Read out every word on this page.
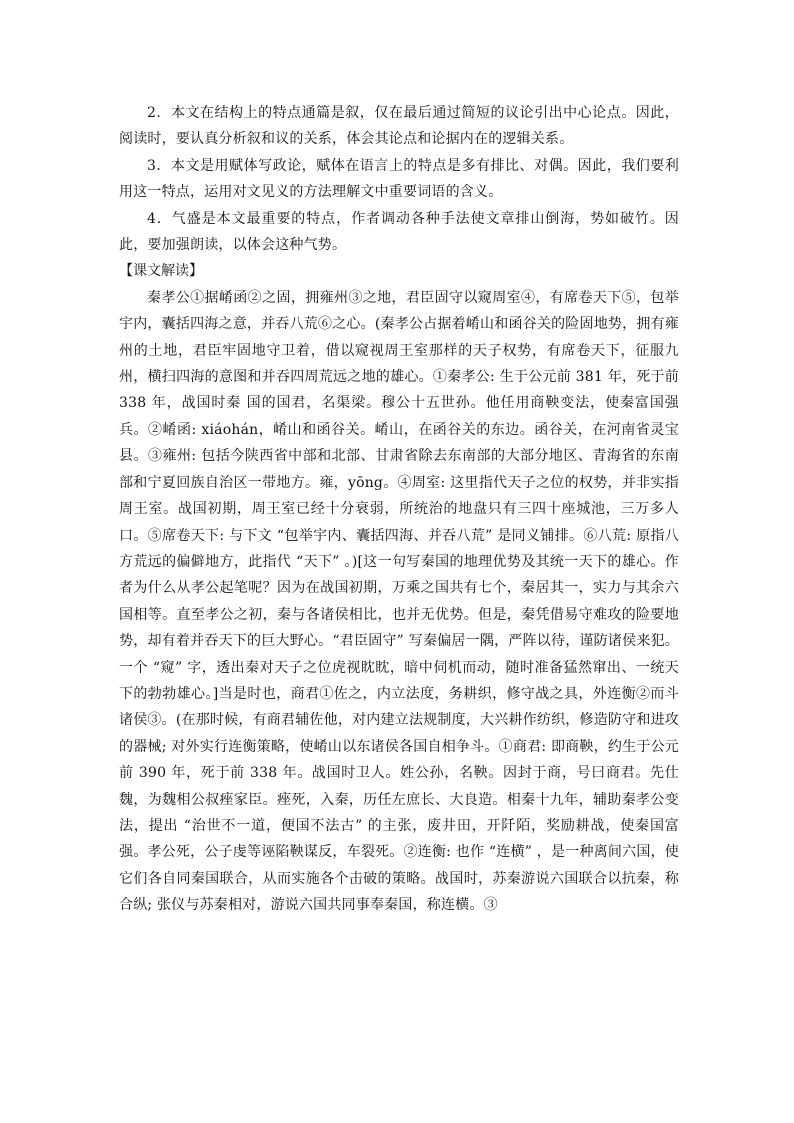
2．本文在结构上的特点通篇是叙，仅在最后通过简短的议论引出中心论点。因此，阅读时，要认真分析叙和议的关系，体会其论点和论据内在的逻辑关系。

3．本文是用赋体写政论，赋体在语言上的特点是多有排比、对偶。因此，我们要利用这一特点，运用对文见义的方法理解文中重要词语的含义。

4．气盛是本文最重要的特点，作者调动各种手法使文章排山倒海，势如破竹。因此，要加强朗读，以体会这种气势。

【课文解读】

秦孝公①据崤函②之固，拥雍州③之地，君臣固守以窥周室④，有席卷天下⑤，包举宇内，囊括四海之意，并吞八荒⑥之心。(秦孝公占据着崤山和函谷关的险固地势，拥有雍州的土地，君臣牢固地守卫着，借以窥视周王室那样的天子权势，有席卷天下，征服九州，横扫四海的意图和并吞四周荒远之地的雄心。①秦孝公: 生于公元前 381 年，死于前 338 年，战国时秦 国的国君，名渠梁。穆公十五世孙。他任用商鞅变法，使秦富国强兵。②崤函: xiáohán，崤山和函谷关。崤山，在函谷关的东边。函谷关，在河南省灵宝县。③雍州: 包括今陕西省中部和北部、甘肃省除去东南部的大部分地区、青海省的东南部和宁夏回族自治区一带地方。雍，yōng。④周室: 这里指代天子之位的权势，并非实指周王室。战国初期，周王室已经十分衰弱，所统治的地盘只有三四十座城池，三万多人口。⑤席卷天下: 与下文 “包举宇内、囊括四海、并吞八荒” 是同义铺排。⑥八荒: 原指八方荒远的偏僻地方，此指代 “天下” 。)[这一句写秦国的地理优势及其统一天下的雄心。作者为什么从孝公起笔呢？因为在战国初期，万乘之国共有七个，秦居其一，实力与其余六国相等。直至孝公之初，秦与各诸侯相比，也并无优势。但是，秦凭借易守难攻的险要地势，却有着并吞天下的巨大野心。“君臣固守” 写秦偏居一隅，严阵以待，谨防诸侯来犯。一个 “窥” 字，透出秦对天子之位虎视眈眈，暗中伺机而动，随时准备猛然窜出、一统天下的勃勃雄心。]当是时也，商君①佐之，内立法度，务耕织，修守战之具，外连衡②而斗诸侯③。(在那时候，有商君辅佐他，对内建立法规制度，大兴耕作纺织，修造防守和进攻的器械; 对外实行连衡策略，使崤山以东诸侯各国自相争斗。①商君: 即商鞅，约生于公元前 390 年，死于前 338 年。战国时卫人。姓公孙，名鞅。因封于商，号曰商君。先仕魏，为魏相公叔痤家臣。痤死，入秦，历任左庶长、大良造。相秦十九年，辅助秦孝公变法，提出 “治世不一道，便国不法古” 的主张，废井田，开阡陌，奖励耕战，使秦国富强。孝公死，公子虔等诬陷鞅谋反，车裂死。②连衡: 也作 “连横” ，是一种离间六国，使它们各自同秦国联合，从而实施各个击破的策略。战国时，苏秦游说六国联合以抗秦，称合纵; 张仪与苏秦相对，游说六国共同事奉秦国，称连横。③
